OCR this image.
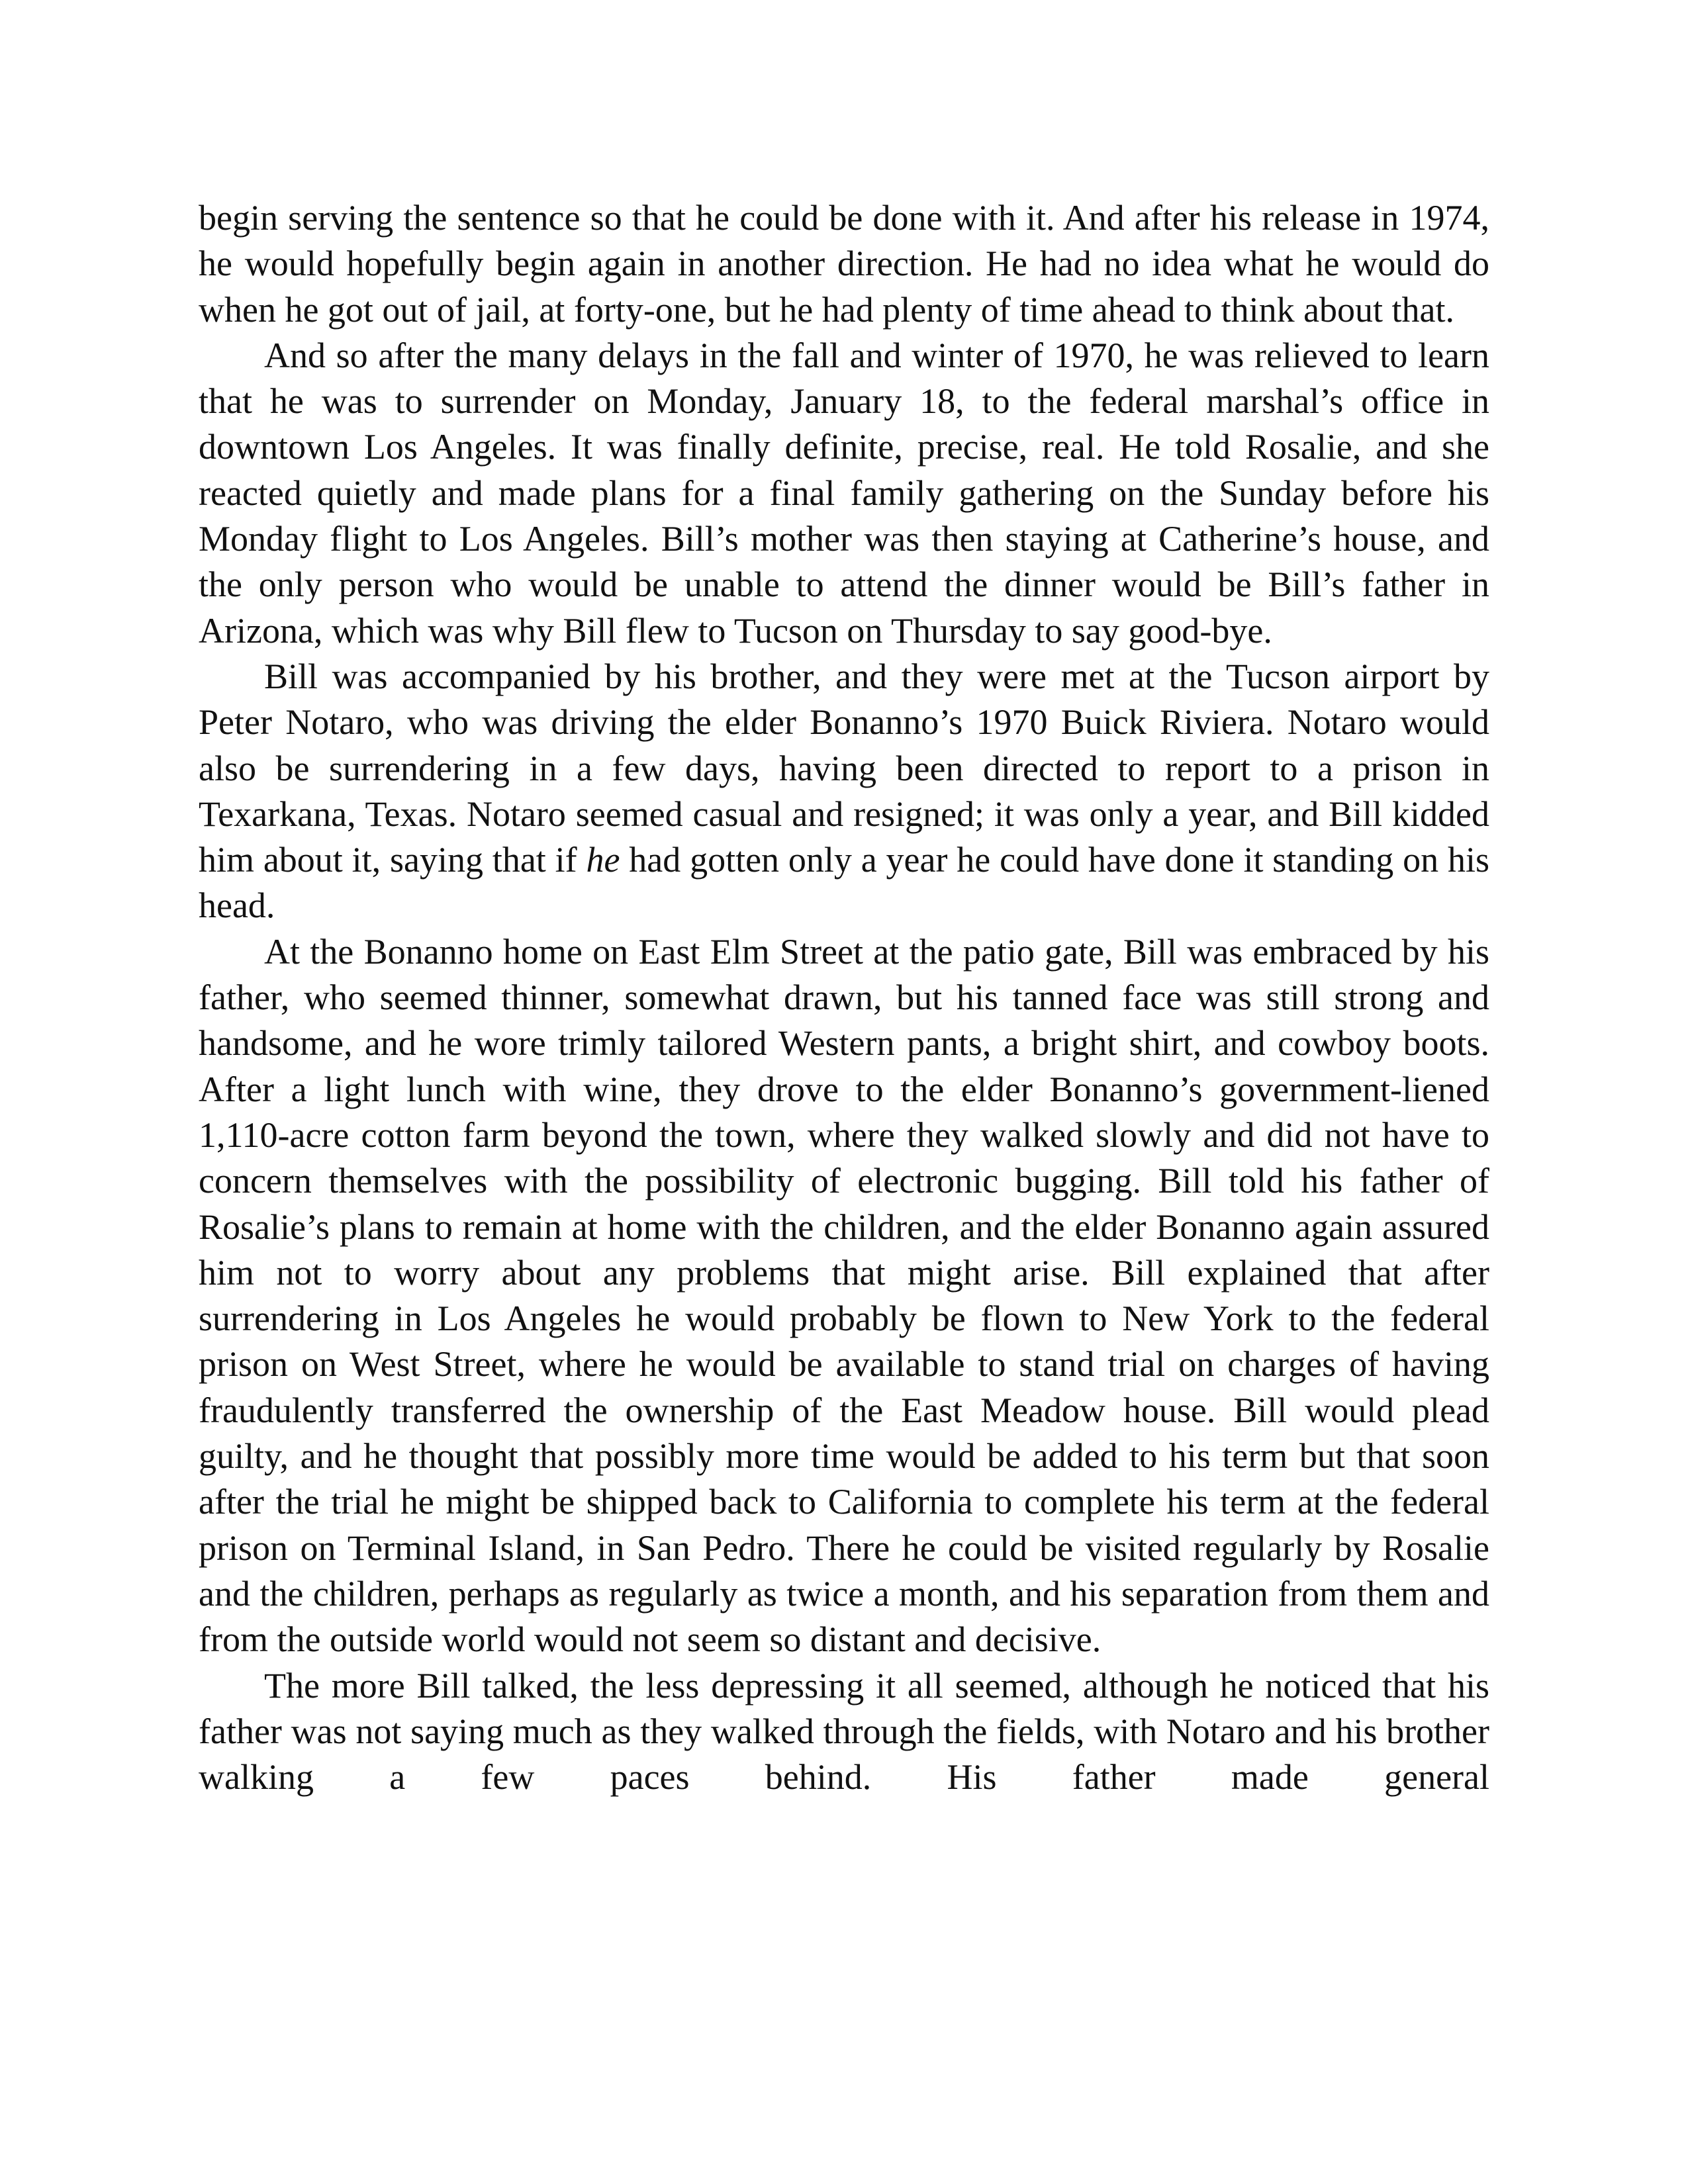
begin serving the sentence so that he could be done with it. And after his release in 1974, he would hopefully begin again in another direction. He had no idea what he would do when he got out of jail, at forty-one, but he had plenty of time ahead to think about that.

And so after the many delays in the fall and winter of 1970, he was relieved to learn that he was to surrender on Monday, January 18, to the federal marshal’s office in downtown Los Angeles. It was finally definite, precise, real. He told Rosalie, and she reacted quietly and made plans for a final family gathering on the Sunday before his Monday flight to Los Angeles. Bill’s mother was then staying at Catherine’s house, and the only person who would be unable to attend the dinner would be Bill’s father in Arizona, which was why Bill flew to Tucson on Thursday to say good-bye.

Bill was accompanied by his brother, and they were met at the Tucson airport by Peter Notaro, who was driving the elder Bonanno’s 1970 Buick Riviera. Notaro would also be surrendering in a few days, having been directed to report to a prison in Texarkana, Texas. Notaro seemed casual and resigned; it was only a year, and Bill kidded him about it, saying that if he had gotten only a year he could have done it standing on his head.

At the Bonanno home on East Elm Street at the patio gate, Bill was embraced by his father, who seemed thinner, somewhat drawn, but his tanned face was still strong and handsome, and he wore trimly tailored Western pants, a bright shirt, and cowboy boots. After a light lunch with wine, they drove to the elder Bonanno’s government-liened 1,110-acre cotton farm beyond the town, where they walked slowly and did not have to concern themselves with the possibility of electronic bugging. Bill told his father of Rosalie’s plans to remain at home with the children, and the elder Bonanno again assured him not to worry about any problems that might arise. Bill explained that after surrendering in Los Angeles he would probably be flown to New York to the federal prison on West Street, where he would be available to stand trial on charges of having fraudulently transferred the ownership of the East Meadow house. Bill would plead guilty, and he thought that possibly more time would be added to his term but that soon after the trial he might be shipped back to California to complete his term at the federal prison on Terminal Island, in San Pedro. There he could be visited regularly by Rosalie and the children, perhaps as regularly as twice a month, and his separation from them and from the outside world would not seem so distant and decisive.

The more Bill talked, the less depressing it all seemed, although he noticed that his father was not saying much as they walked through the fields, with Notaro and his brother walking a few paces behind. His father made general
